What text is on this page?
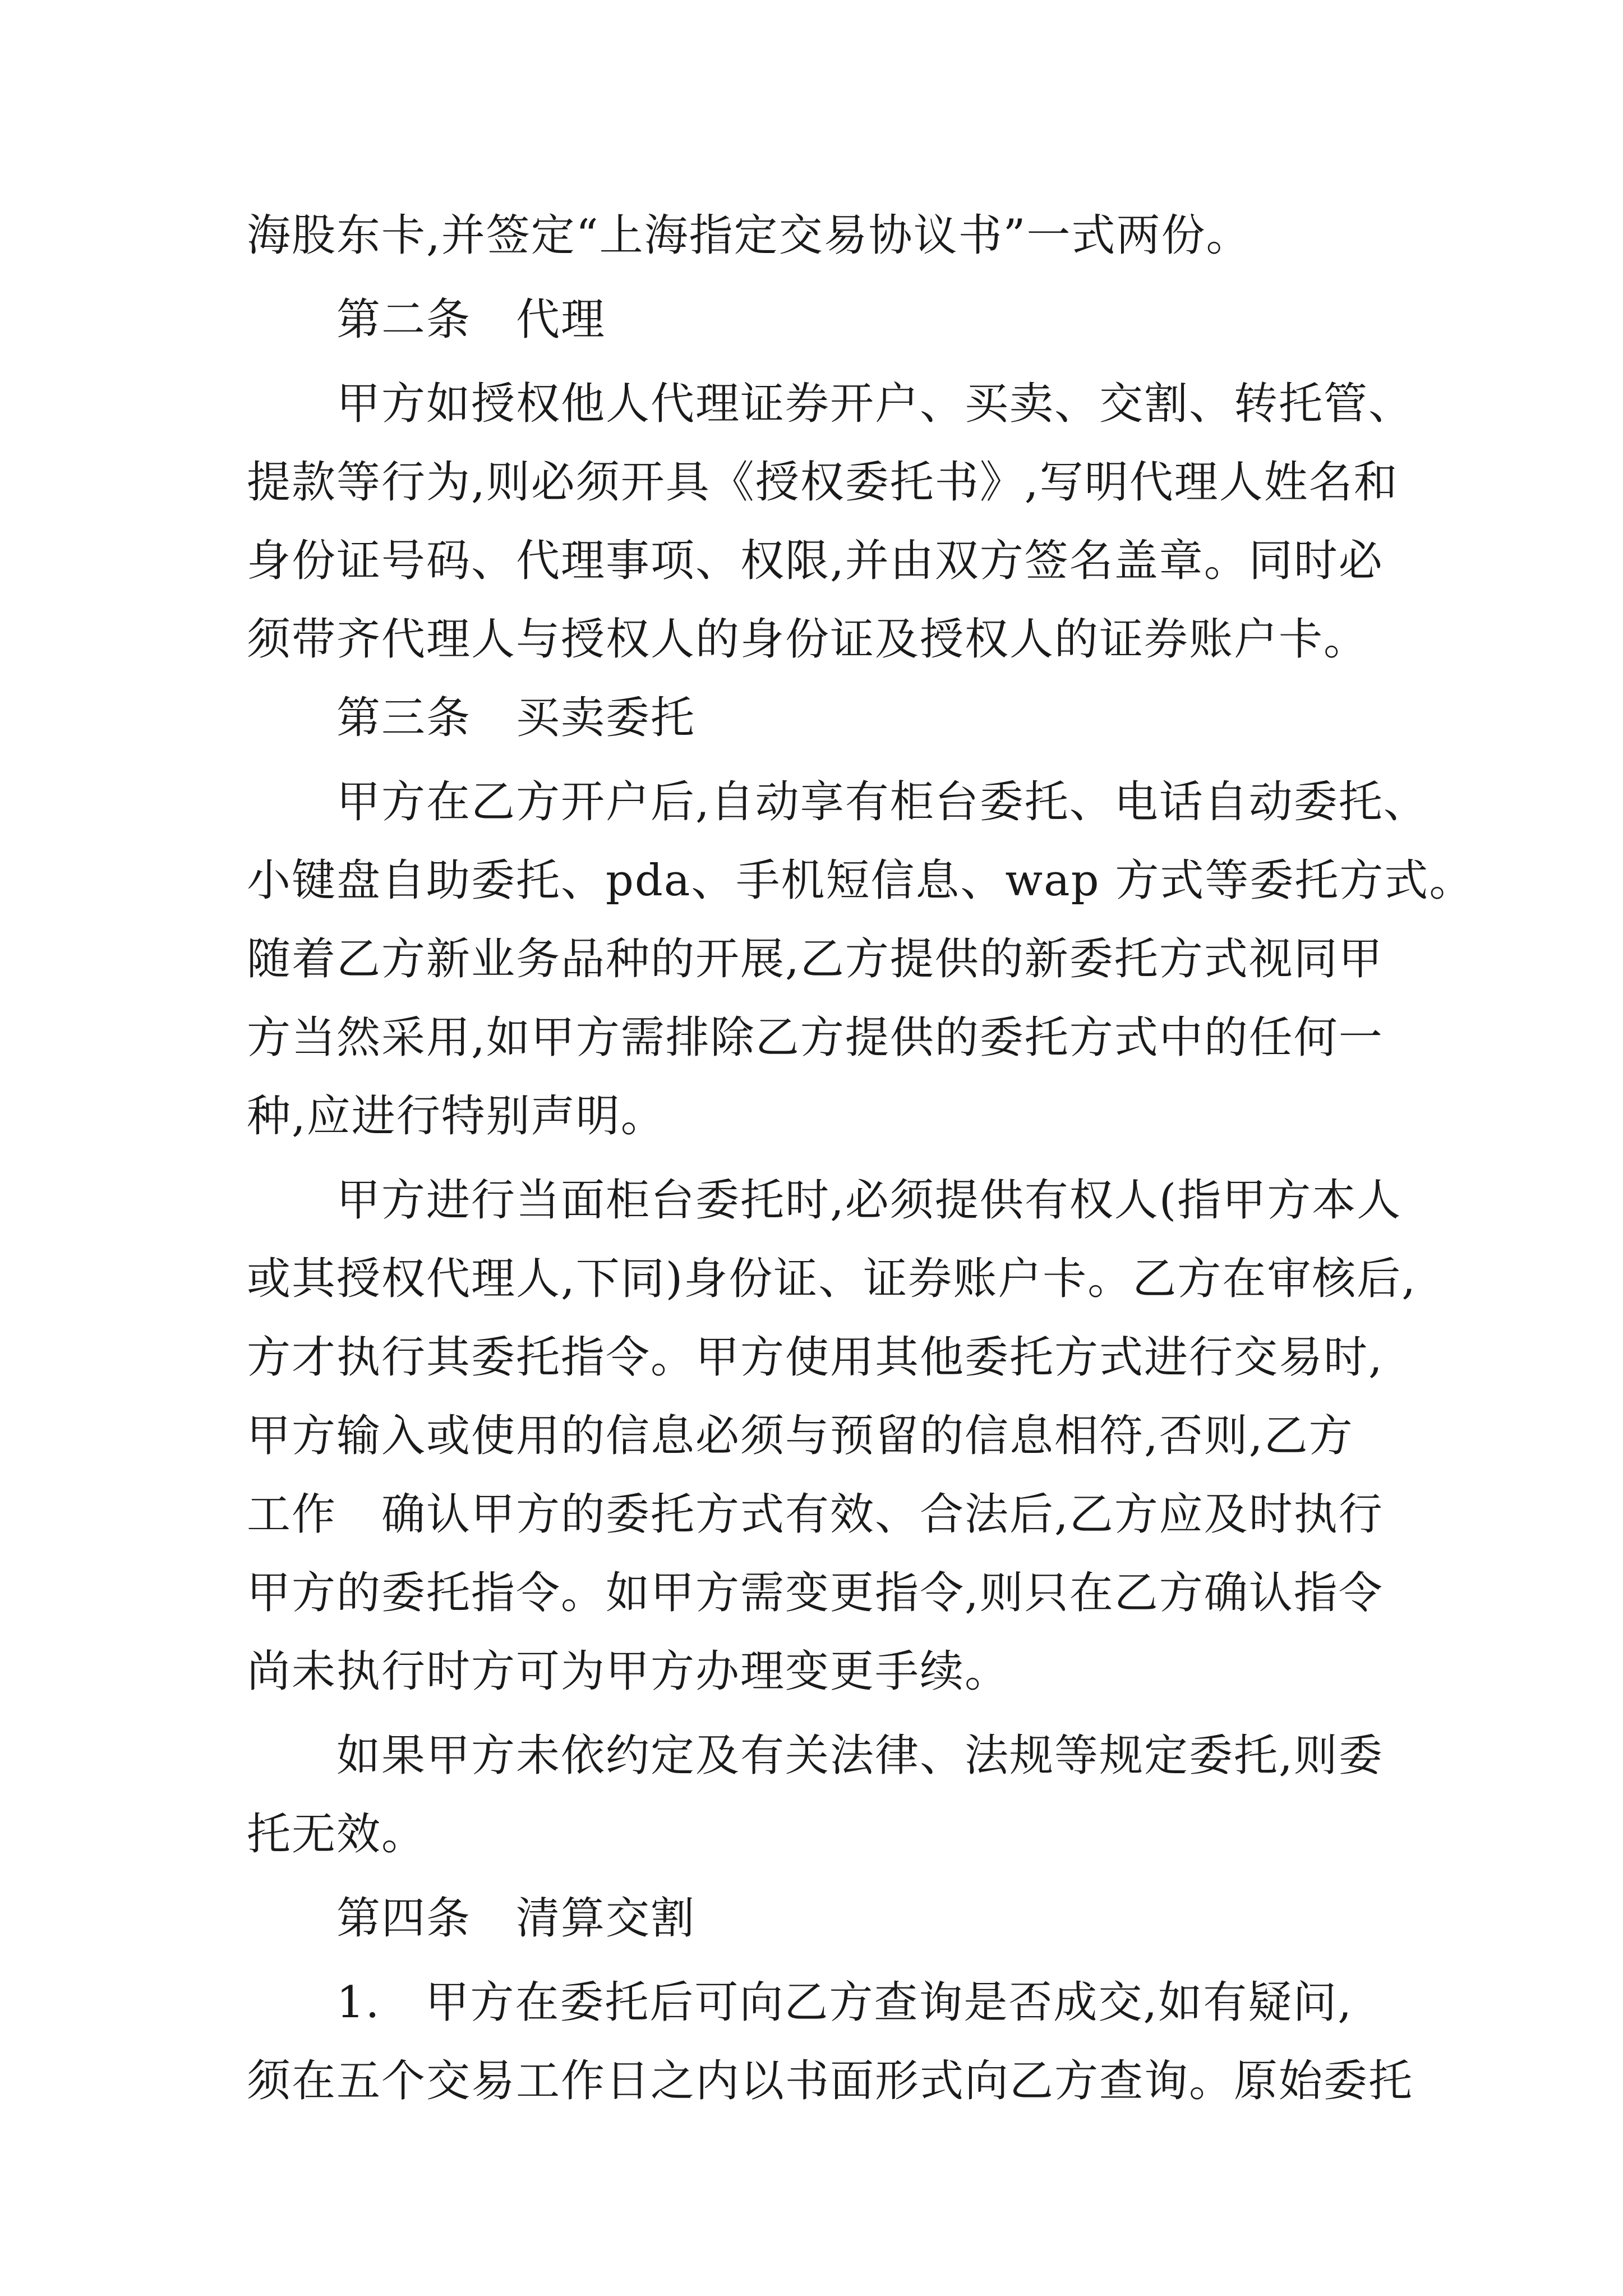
海股东卡,并签定“上海指定交易协议书”一式两份。
第二条　代理
甲方如授权他人代理证券开户、买卖、交割、转托管、
提款等行为,则必须开具《授权委托书》,写明代理人姓名和
身份证号码、代理事项、权限,并由双方签名盖章。同时必
须带齐代理人与授权人的身份证及授权人的证券账户卡。
第三条　买卖委托
甲方在乙方开户后,自动享有柜台委托、电话自动委托、
小键盘自助委托、pda、手机短信息、wap 方式等委托方式。
随着乙方新业务品种的开展,乙方提供的新委托方式视同甲
方当然采用,如甲方需排除乙方提供的委托方式中的任何一
种,应进行特别声明。
甲方进行当面柜台委托时,必须提供有权人(指甲方本人
或其授权代理人,下同)身份证、证券账户卡。乙方在审核后,
方才执行其委托指令。甲方使用其他委托方式进行交易时,
甲方输入或使用的信息必须与预留的信息相符,否则,乙方
工作　确认甲方的委托方式有效、合法后,乙方应及时执行
甲方的委托指令。如甲方需变更指令,则只在乙方确认指令
尚未执行时方可为甲方办理变更手续。
如果甲方未依约定及有关法律、法规等规定委托,则委
托无效。
第四条　清算交割
1.　甲方在委托后可向乙方查询是否成交,如有疑问,
须在五个交易工作日之内以书面形式向乙方查询。原始委托
